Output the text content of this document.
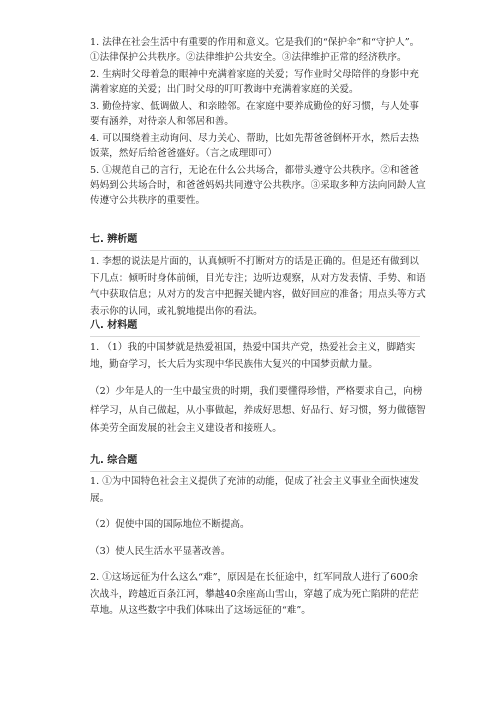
1. 法律在社会生活中有重要的作用和意义。它是我们的“保护伞”和“守护人”。 ①法律保护公共秩序。②法律维护公共安全。③法律维护正常的经济秩序。

2. 生病时父母着急的眼神中充满着家庭的关爱；写作业时父母陪伴的身影中充满着家庭的关爱；出门时父母的叮叮教诲中充满着家庭的关爱。

3. 勤俭持家、低调做人、和亲睦邻。在家庭中要养成勤俭的好习惯，与人处事要有涵养，对待亲人和邻居和善。

4. 可以围绕着主动询问、尽力关心、帮助，比如先帮爸爸倒杯开水，然后去热饭菜，然好后给爸爸盛好。（言之成理即可）

5. ①规范自己的言行，无论在什么公共场合，都带头遵守公共秩序。②和爸爸妈妈到公共场合时，和爸爸妈妈共同遵守公共秩序。③采取多种方法向同龄人宣传遵守公共秩序的重要性。

七. 辨析题

1. 李想的说法是片面的，认真倾听不打断对方的话是正确的。但是还有做到以下几点：倾听时身体前倾，目光专注；边听边观察，从对方发表情、手势、和语气中获取信息；从对方的发言中把握关键内容，做好回应的准备；用点头等方式表示你的认同，或礼貌地提出你的看法。

八. 材料题

1. （1）我的中国梦就是热爱祖国，热爱中国共产党，热爱社会主义，脚踏实地，勤奋学习，长大后为实现中华民族伟大复兴的中国梦贡献力量。

（2）少年是人的一生中最宝贵的时期，我们要懂得珍惜，严格要求自己，向榜样学习，从自己做起，从小事做起，养成好思想、好品行、好习惯，努力做德智体美劳全面发展的社会主义建设者和接班人。

九. 综合题

1. ①为中国特色社会主义提供了充沛的动能，促成了社会主义事业全面快速发展。

（2）促使中国的国际地位不断提高。

（3）使人民生活水平显著改善。

2. ①这场远征为什么这么“难”，原因是在长征途中，红军同敌人进行了600余次战斗，跨越近百条江河，攀越40余座高山雪山，穿越了成为死亡陷阱的茫茫草地。从这些数字中我们体味出了这场远征的“难”。
